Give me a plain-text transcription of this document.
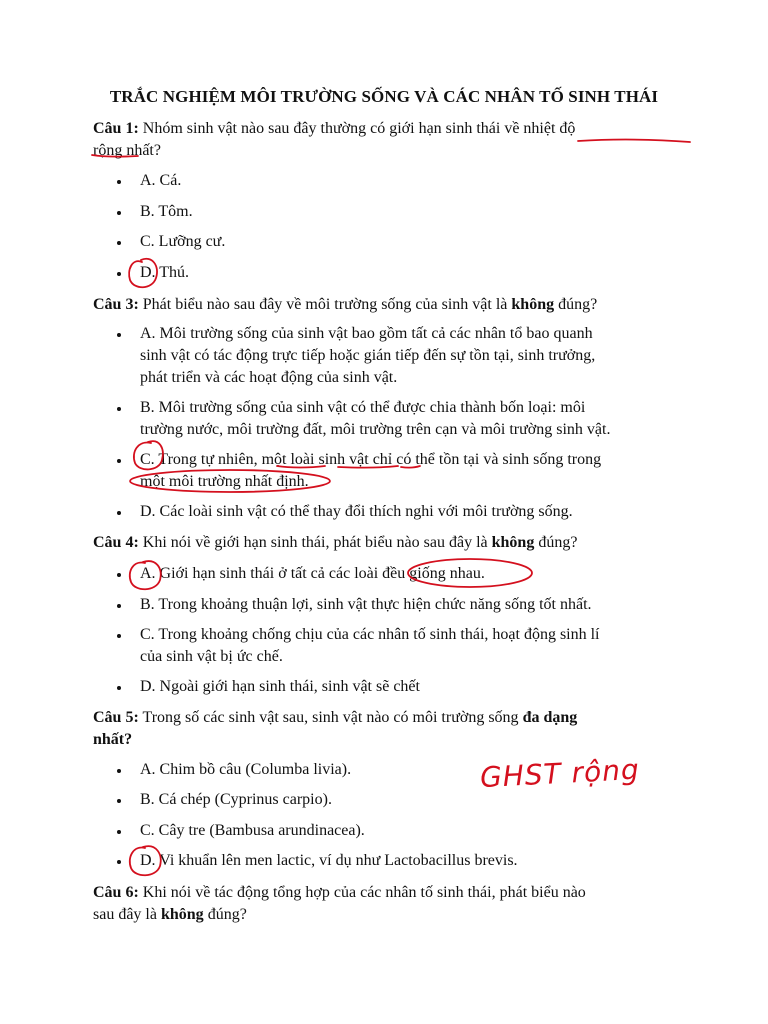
TRẮC NGHIỆM MÔI TRƯỜNG SỐNG VÀ CÁC NHÂN TỐ SINH THÁI
Câu 1: Nhóm sinh vật nào sau đây thường có giới hạn sinh thái về nhiệt độ
rộng nhất?
A. Cá.
B. Tôm.
C. Lưỡng cư.
D. Thú.
Câu 3: Phát biểu nào sau đây về môi trường sống của sinh vật là không đúng?
A. Môi trường sống của sinh vật bao gồm tất cả các nhân tổ bao quanh
sinh vật có tác động trực tiếp hoặc gián tiếp đến sự tồn tại, sinh trưởng,
phát triển và các hoạt động của sinh vật.
B. Môi trường sống của sinh vật có thể được chia thành bốn loại: môi
trường nước, môi trường đất, môi trường trên cạn và môi trường sinh vật.
C. Trong tự nhiên, một loài sinh vật chỉ có thể tồn tại và sinh sống trong
một môi trường nhất định.
D. Các loài sinh vật có thể thay đổi thích nghi với môi trường sống.
Câu 4: Khi nói về giới hạn sinh thái, phát biểu nào sau đây là không đúng?
A. Giới hạn sinh thái ở tất cả các loài đều giống nhau.
B. Trong khoảng thuận lợi, sinh vật thực hiện chức năng sống tốt nhất.
C. Trong khoảng chống chịu của các nhân tố sinh thái, hoạt động sinh lí
của sinh vật bị ức chế.
D. Ngoài giới hạn sinh thái, sinh vật sẽ chết
Câu 5: Trong số các sinh vật sau, sinh vật nào có môi trường sống đa dạng
nhất?
A. Chim bồ câu (Columba livia).
B. Cá chép (Cyprinus carpio).
C. Cây tre (Bambusa arundinacea).
D. Vi khuẩn lên men lactic, ví dụ như Lactobacillus brevis.
Câu 6: Khi nói về tác động tổng hợp của các nhân tố sinh thái, phát biểu nào
sau đây là không đúng?
GHST rộng
